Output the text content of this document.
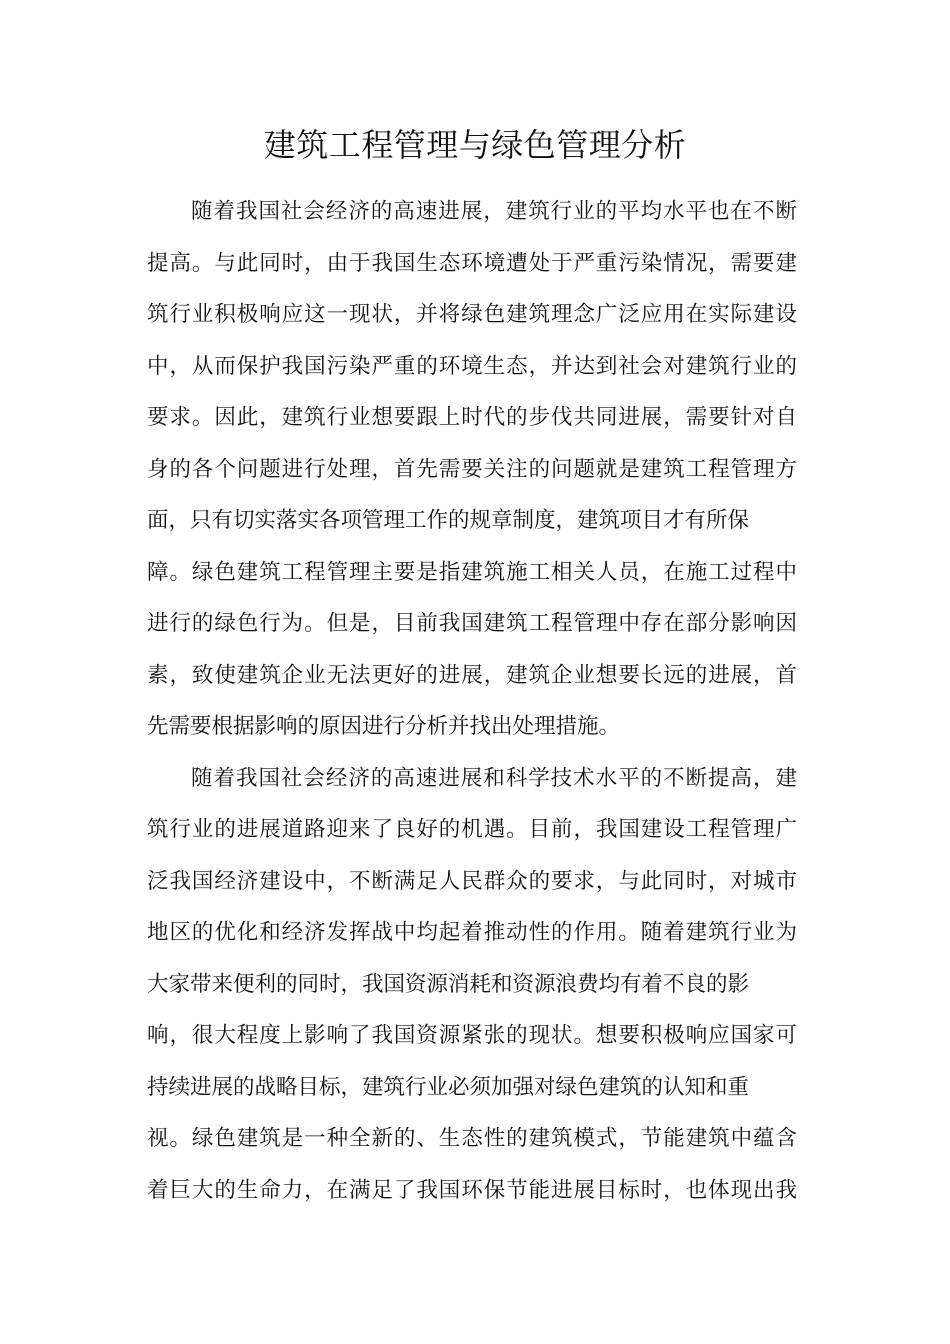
建筑工程管理与绿色管理分析
随着我国社会经济的高速进展，建筑行业的平均水平也在不断
提高。与此同时，由于我国生态环境遭处于严重污染情况，需要建
筑行业积极响应这一现状，并将绿色建筑理念广泛应用在实际建设
中，从而保护我国污染严重的环境生态，并达到社会对建筑行业的
要求。因此，建筑行业想要跟上时代的步伐共同进展，需要针对自
身的各个问题进行处理，首先需要关注的问题就是建筑工程管理方
面，只有切实落实各项管理工作的规章制度，建筑项目才有所保
障。绿色建筑工程管理主要是指建筑施工相关人员，在施工过程中
进行的绿色行为。但是，目前我国建筑工程管理中存在部分影响因
素，致使建筑企业无法更好的进展，建筑企业想要长远的进展，首
先需要根据影响的原因进行分析并找出处理措施。
随着我国社会经济的高速进展和科学技术水平的不断提高，建
筑行业的进展道路迎来了良好的机遇。目前，我国建设工程管理广
泛我国经济建设中，不断满足人民群众的要求，与此同时，对城市
地区的优化和经济发挥战中均起着推动性的作用。随着建筑行业为
大家带来便利的同时，我国资源消耗和资源浪费均有着不良的影
响，很大程度上影响了我国资源紧张的现状。想要积极响应国家可
持续进展的战略目标，建筑行业必须加强对绿色建筑的认知和重
视。绿色建筑是一种全新的、生态性的建筑模式，节能建筑中蕴含
着巨大的生命力，在满足了我国环保节能进展目标时，也体现出我
